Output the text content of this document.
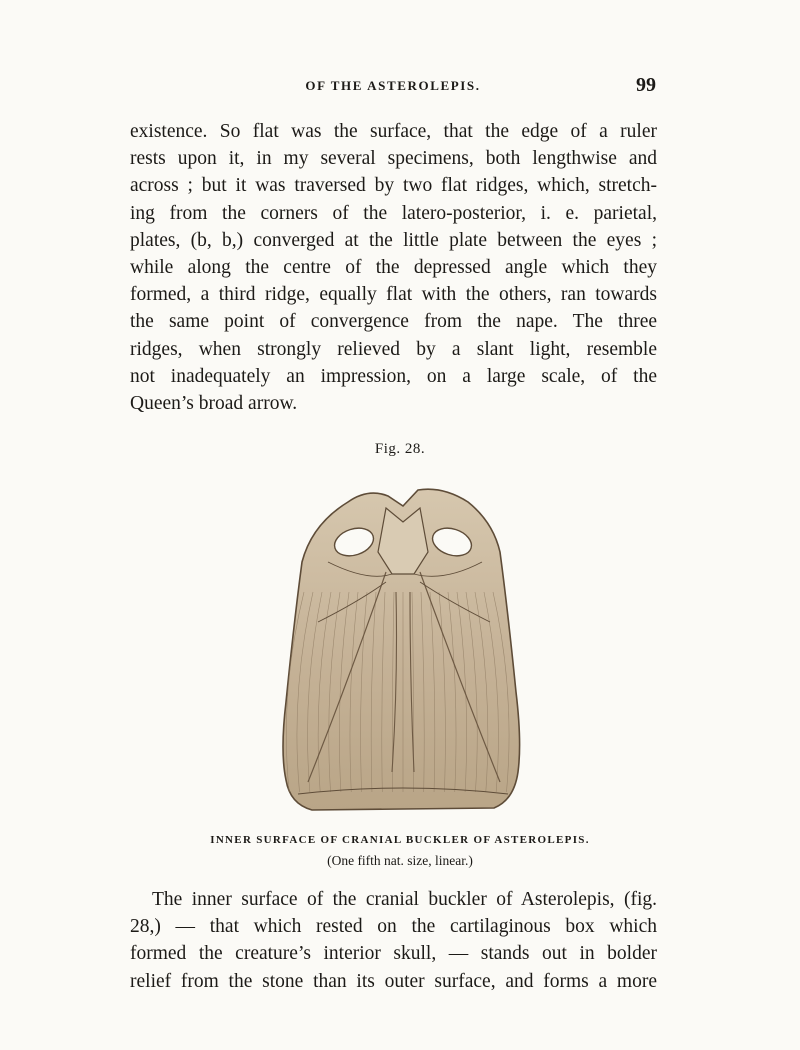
OF THE ASTEROLEPIS.	99
existence. So flat was the surface, that the edge of a ruler
rests upon it, in my several specimens, both lengthwise and
across ; but it was traversed by two flat ridges, which, stretch-
ing from the corners of the latero-posterior, i. e. parietal,
plates, (b, b,) converged at the little plate between the eyes ;
while along the centre of the depressed angle which they
formed, a third ridge, equally flat with the others, ran towards
the same point of convergence from the nape. The three
ridges, when strongly relieved by a slant light, resemble
not inadequately an impression, on a large scale, of the
Queen’s broad arrow.
Fig. 28.
INNER SURFACE OF CRANIAL BUCKLER OF ASTEROLEPIS.
(One fifth nat. size, linear.)
The inner surface of the cranial buckler of Asterolepis, (fig.
28,) — that which rested on the cartilaginous box which
formed the creature’s interior skull, — stands out in bolder
relief from the stone than its outer surface, and forms a more
